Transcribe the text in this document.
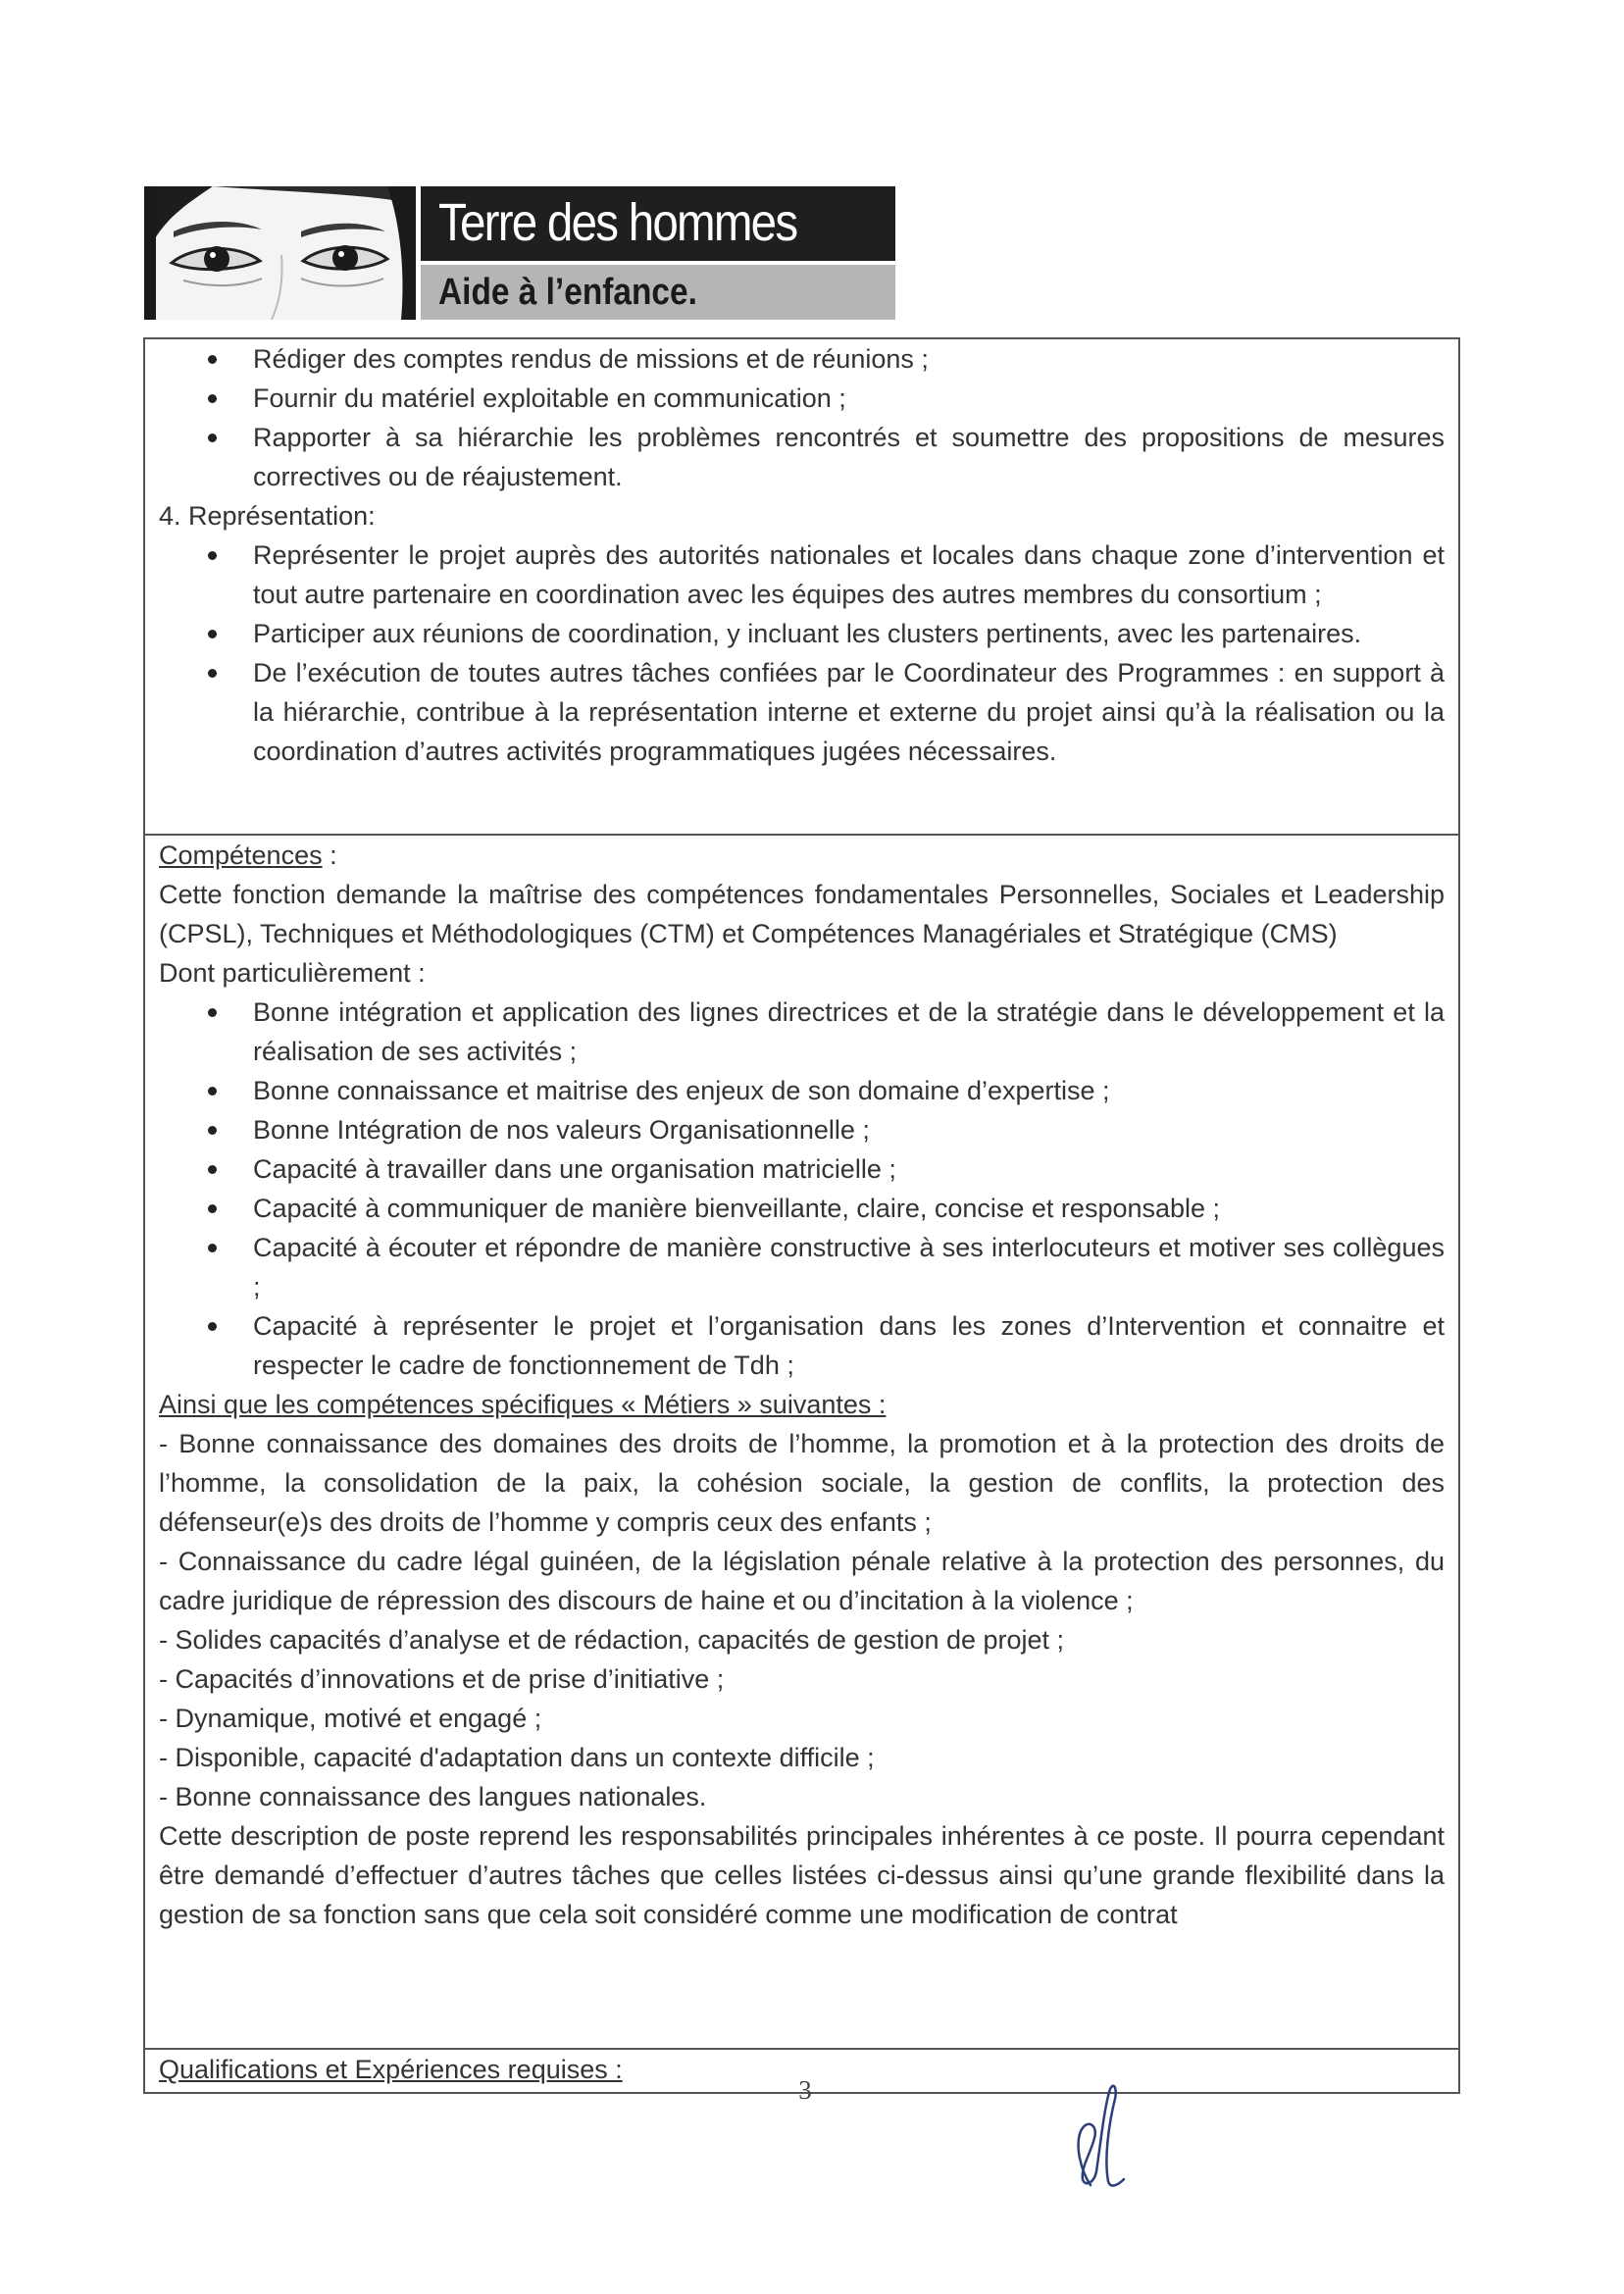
Terre des hommes
Aide à l’enfance.
Rédiger des comptes rendus de missions et de réunions ;
Fournir du matériel exploitable en communication ;
Rapporter à sa hiérarchie les problèmes rencontrés et soumettre des propositions de mesures correctives ou de réajustement.

4. Représentation:

Représenter le projet auprès des autorités nationales et locales dans chaque zone d’intervention et tout autre partenaire en coordination avec les équipes des autres membres du consortium ;
Participer aux réunions de coordination, y incluant les clusters pertinents, avec les partenaires.
De l’exécution de toutes autres tâches confiées par le Coordinateur des Programmes : en support à la hiérarchie, contribue à la représentation interne et externe du projet ainsi qu’à la réalisation ou la coordination d’autres activités programmatiques jugées nécessaires.

Compétences :

Cette fonction demande la maîtrise des compétences fondamentales Personnelles, Sociales et Leadership (CPSL), Techniques et Méthodologiques (CTM) et Compétences Managériales et Stratégique (CMS)

Dont particulièrement :

Bonne intégration et application des lignes directrices et de la stratégie dans le développement et la réalisation de ses activités ;
Bonne connaissance et maitrise des enjeux de son domaine d’expertise ;
Bonne Intégration de nos valeurs Organisationnelle ;
Capacité à travailler dans une organisation matricielle ;
Capacité à communiquer de manière bienveillante, claire, concise et responsable ;
Capacité à écouter et répondre de manière constructive à ses interlocuteurs et motiver ses collègues ;
Capacité à représenter le projet et l’organisation dans les zones d’Intervention et connaitre et respecter le cadre de fonctionnement de Tdh ;

Ainsi que les compétences spécifiques « Métiers » suivantes :

- Bonne connaissance des domaines des droits de l’homme, la promotion et à la protection des droits de l’homme, la consolidation de la paix, la cohésion sociale, la gestion de conflits, la protection des défenseur(e)s des droits de l’homme y compris ceux des enfants ;

- Connaissance du cadre légal guinéen, de la législation pénale relative à la protection des personnes, du cadre juridique de répression des discours de haine et ou d’incitation à la violence ;

- Solides capacités d’analyse et de rédaction, capacités de gestion de projet ;

- Capacités d’innovations et de prise d’initiative ;

- Dynamique, motivé et engagé ;

- Disponible, capacité d'adaptation dans un contexte difficile ;

- Bonne connaissance des langues nationales.

Cette description de poste reprend les responsabilités principales inhérentes à ce poste. Il pourra cependant être demandé d’effectuer d’autres tâches que celles listées ci-dessus ainsi qu’une grande flexibilité dans la gestion de sa fonction sans que cela soit considéré comme une modification de contrat

Qualifications et Expériences requises :

3
